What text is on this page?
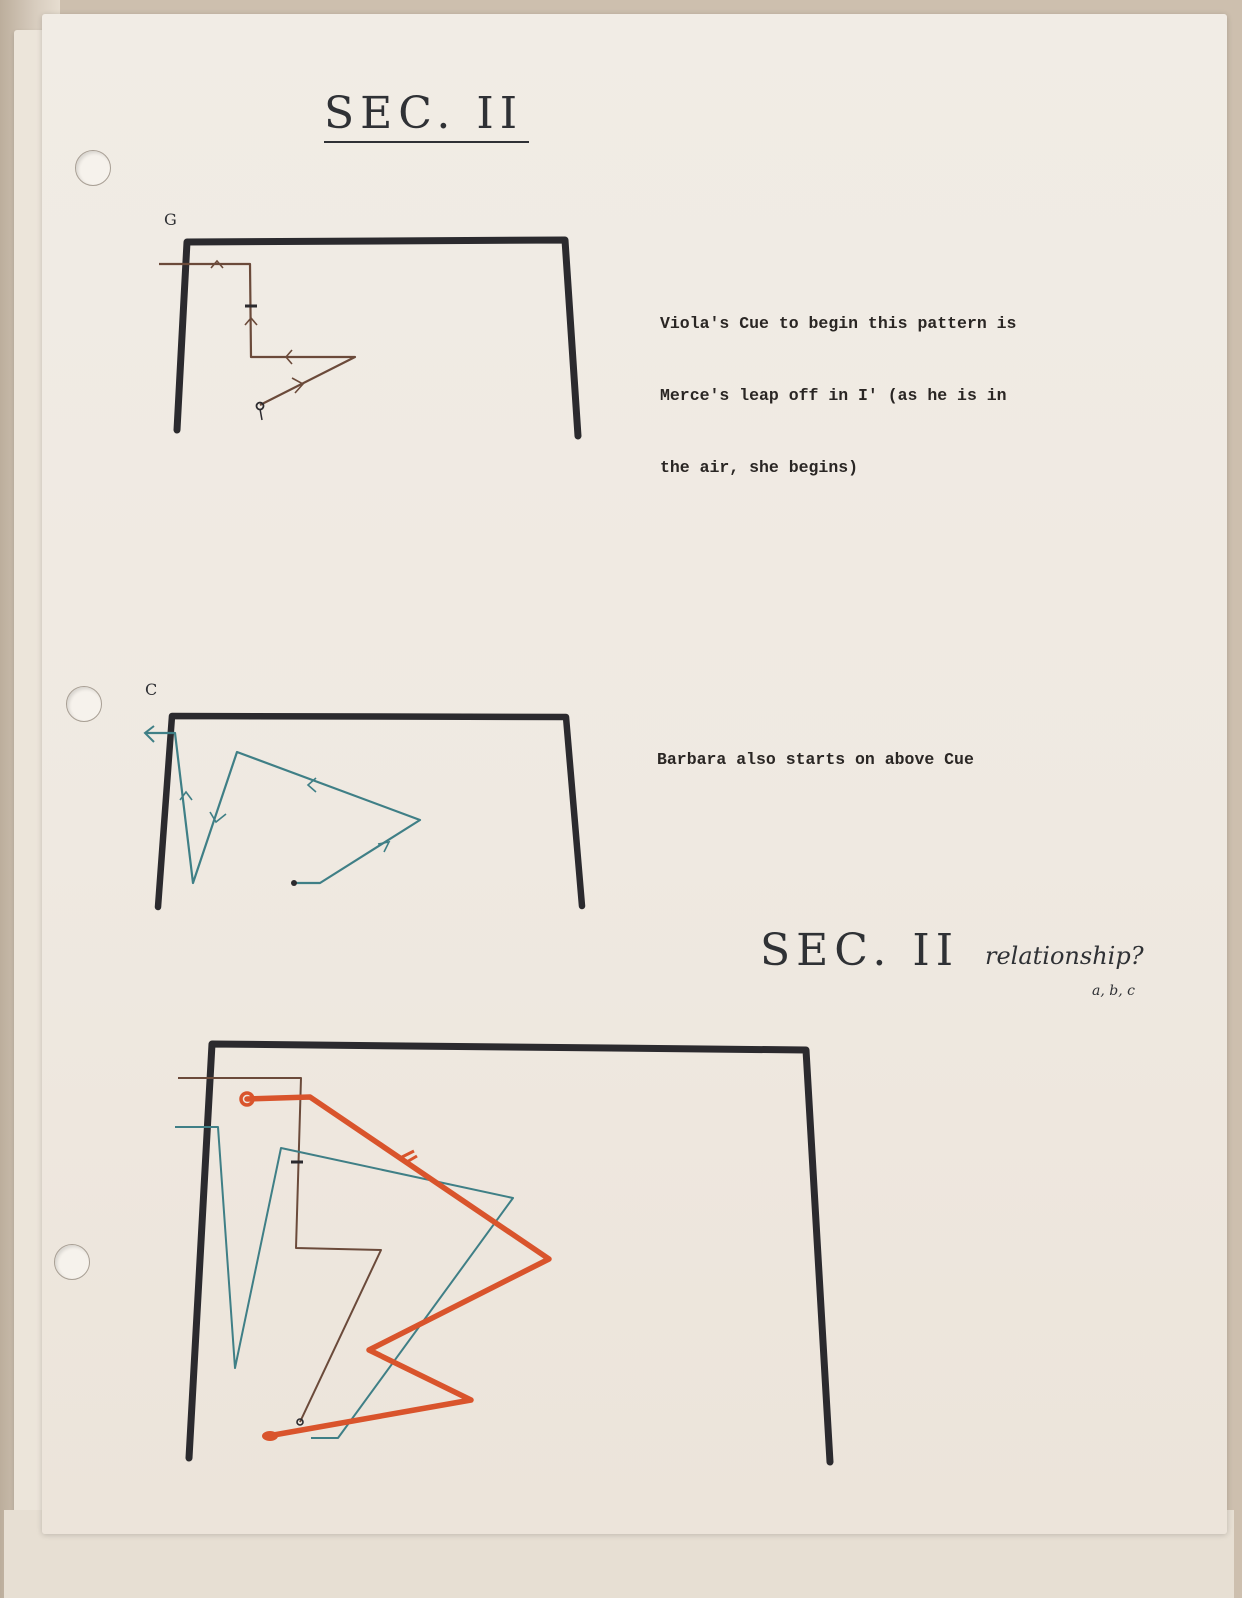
SEC. II

SEC. II relationship?

a, b, c

G

C

Viola's Cue to begin this pattern is

Merce's leap off in I' (as he is in

the air, she begins)

Barbara also starts on above Cue
